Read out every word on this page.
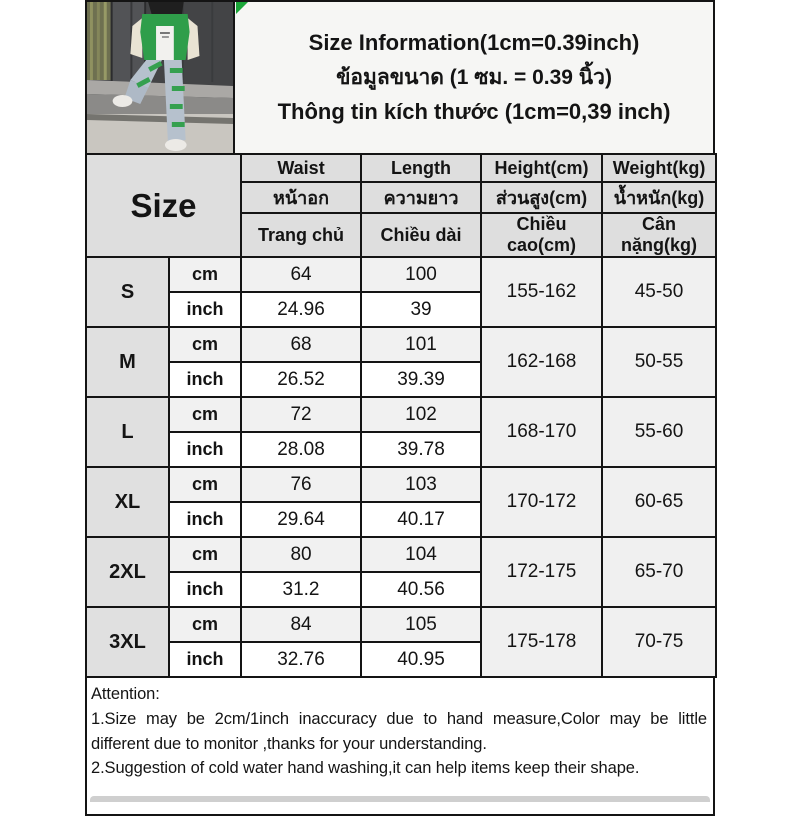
Size Information(1cm=0.39inch)
ข้อมูลขนาด (1 ซม. = 0.39 นิ้ว)
Thông tin kích thước (1cm=0,39 inch)
Size		Waist	Length	Height(cm)	Weight(kg)
		หน้าอก	ความยาว	ส่วนสูง(cm)	น้ำหนัก(kg)
		Trang chủ	Chiều dài	Chiều cao(cm)	Cân nặng(kg)
S	cm	64	100	155-162	45-50
	inch	24.96	39		
M	cm	68	101	162-168	50-55
	inch	26.52	39.39		
L	cm	72	102	168-170	55-60
	inch	28.08	39.78		
XL	cm	76	103	170-172	60-65
	inch	29.64	40.17		
2XL	cm	80	104	172-175	65-70
	inch	31.2	40.56		
3XL	cm	84	105	175-178	70-75
	inch	32.76	40.95		
Attention:
1.Size may be 2cm/1inch inaccuracy due to hand measure,Color may be little different due to monitor ,thanks for your understanding.
2.Suggestion of cold water hand washing,it can help items keep their shape.
